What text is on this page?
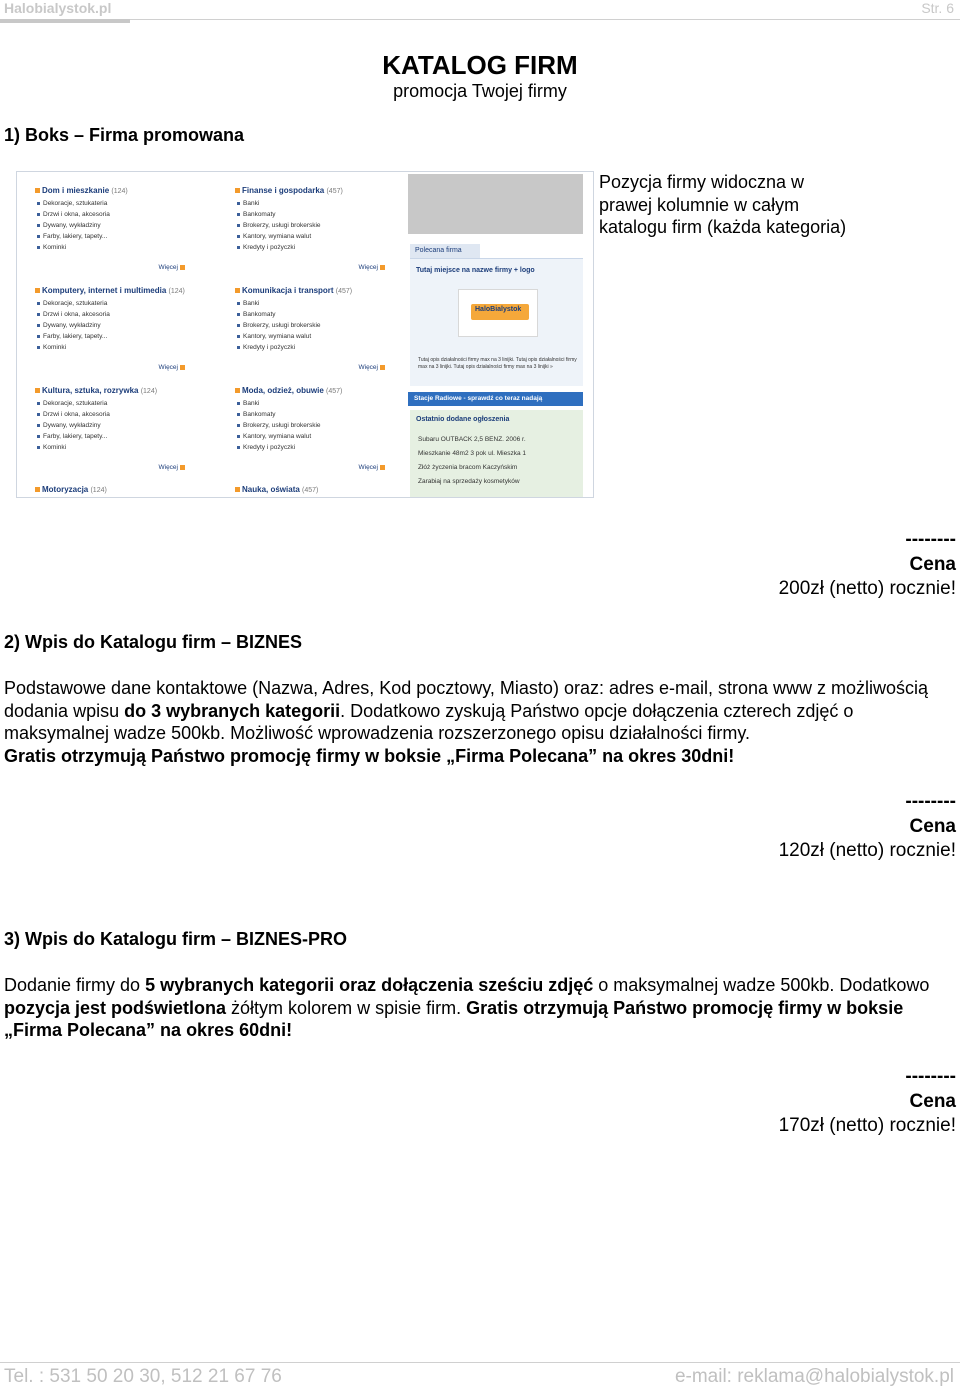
Halobialystok.pl	Str. 6
KATALOG FIRM
promocja Twojej firmy
1) Boks – Firma promowana
Dom i mieszkanie (124)
Dekoracje, sztukateria
Drzwi i okna, akcesoria
Dywany, wykładziny
Farby, lakiery, tapety...
Kominki
Więcej
Finanse i gospodarka (457)
Banki
Bankomaty
Brokerzy, usługi brokerskie
Kantory, wymiana walut
Kredyty i pożyczki
Więcej
Komputery, internet i multimedia (124)
Dekoracje, sztukateria
Drzwi i okna, akcesoria
Dywany, wykładziny
Farby, lakiery, tapety...
Kominki
Więcej
Komunikacja i transport (457)
Banki
Bankomaty
Brokerzy, usługi brokerskie
Kantory, wymiana walut
Kredyty i pożyczki
Więcej
Kultura, sztuka, rozrywka (124)
Dekoracje, sztukateria
Drzwi i okna, akcesoria
Dywany, wykładziny
Farby, lakiery, tapety...
Kominki
Więcej
Moda, odzież, obuwie (457)
Banki
Bankomaty
Brokerzy, usługi brokerskie
Kantory, wymiana walut
Kredyty i pożyczki
Więcej
Motoryzacja (124)	Nauka, oświata (457)
Polecana firma
Tutaj miejsce na nazwe firmy + logo
HaloBialystok
Tutaj opis działalności firmy max na 3 linijki. Tutaj opis działalności firmy max na 3 linijki. Tutaj opis działalności firmy max na 3 linijki »
Stacje Radiowe - sprawdź co teraz nadają
Ostatnio dodane ogłoszenia
Subaru OUTBACK 2,5 BENZ. 2006 r.
Mieszkanie 48m2 3 pok ul. Mieszka 1
Złóż życzenia bracom Kaczyńskim
Zarabiaj na sprzedaży kosmetyków
Pozycja firmy widoczna w prawej kolumnie w całym katalogu firm (każda kategoria)
--------
Cena
200zł (netto) rocznie!
2) Wpis do Katalogu firm – BIZNES
Podstawowe dane kontaktowe (Nazwa, Adres, Kod pocztowy, Miasto) oraz: adres e-mail, strona www z możliwością dodania wpisu do 3 wybranych kategorii. Dodatkowo zyskują Państwo opcje dołączenia czterech zdjęć o maksymalnej wadze 500kb. Możliwość wprowadzenia rozszerzonego opisu działalności firmy.
Gratis otrzymują Państwo promocję firmy w boksie „Firma Polecana” na okres 30dni!
--------
Cena
120zł (netto) rocznie!
3) Wpis do Katalogu firm – BIZNES-PRO
Dodanie firmy do 5 wybranych kategorii oraz dołączenia sześciu zdjęć o maksymalnej wadze 500kb. Dodatkowo pozycja jest podświetlona żółtym kolorem w spisie firm. Gratis otrzymują Państwo promocję firmy w boksie „Firma Polecana” na okres 60dni!
--------
Cena
170zł (netto) rocznie!
Tel. : 531 50 20 30, 512 21 67 76	e-mail: reklama@halobialystok.pl
